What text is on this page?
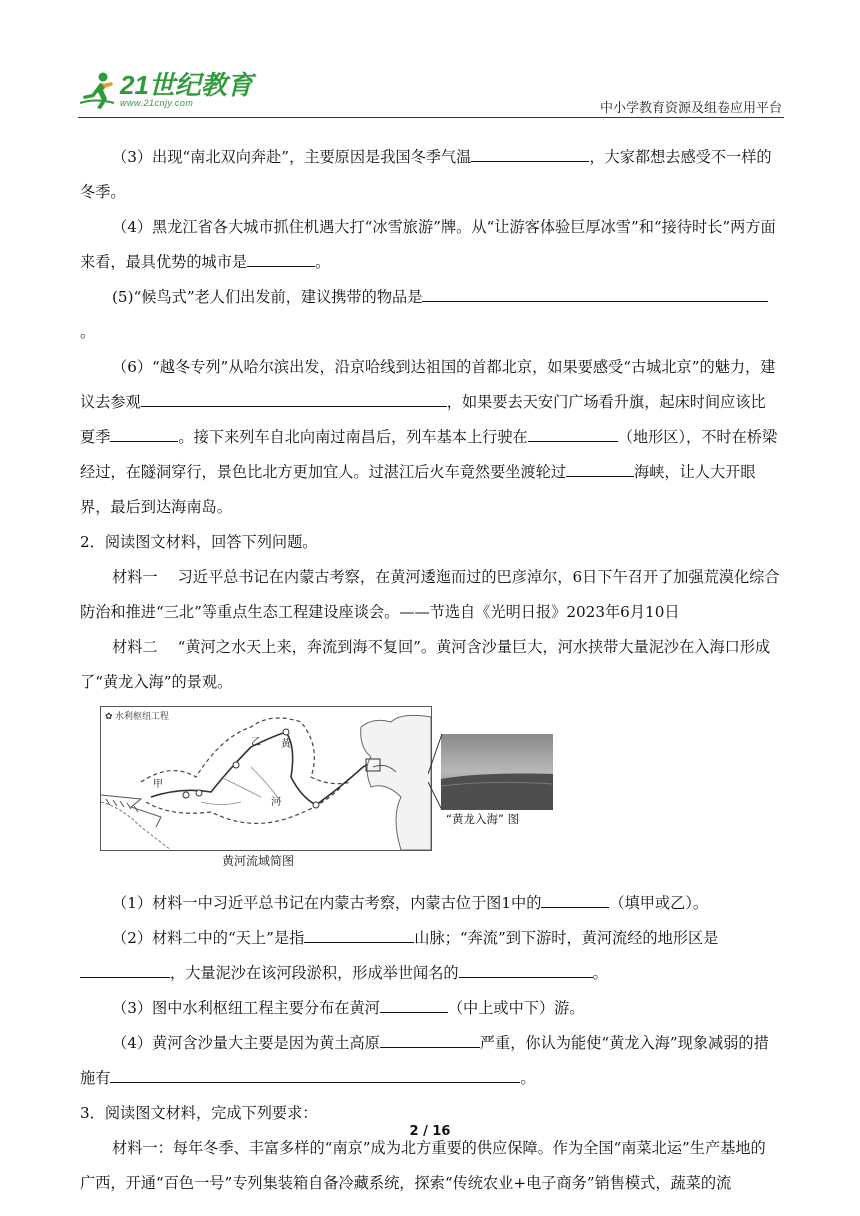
21世纪教育
www.21cnjy.com	中小学教育资源及组卷应用平台

（3）出现“南北双向奔赴”，主要原因是我国冬季气温	，大家都想去感受不一样的冬季。

（4）黑龙江省各大城市抓住机遇大打“冰雪旅游”牌。从“让游客体验巨厚冰雪”和“接待时长”两方面来看，最具优势的城市是	。

(5)“候鸟式”老人们出发前，建议携带的物品是。

（6）“越冬专列”从哈尔滨出发，沿京哈线到达祖国的首都北京，如果要感受“古城北京”的魅力，建议去参观	，如果要去天安门广场看升旗，起床时间应该比夏季	。接下来列车自北向南过南昌后，列车基本上行驶在	（地形区），不时在桥梁经过，在隧洞穿行，景色比北方更加宜人。过湛江后火车竟然要坐渡轮过	海峡，让人大开眼界，最后到达海南岛。

2．阅读图文材料，回答下列问题。

材料一　 习近平总书记在内蒙古考察，在黄河逶迤而过的巴彦淖尔，6日下午召开了加强荒漠化综合防治和推进“三北”等重点生态工程建设座谈会。——节选自《光明日报》2023年6月10日

材料二　 “黄河之水天上来，奔流到海不复回”。黄河含沙量巨大，河水挟带大量泥沙在入海口形成了“黄龙入海”的景观。

✿ 水利枢纽工程
乙 黄
甲
河
“黄龙入海” 图
黄河流域简图

（1）材料一中习近平总书记在内蒙古考察，内蒙古位于图1中的	（填甲或乙）。

（2）材料二中的“天上”是指	山脉；“奔流”到下游时，黄河流经的地形区是，大量泥沙在该河段淤积，形成举世闻名的	。

（3）图中水利枢纽工程主要分布在黄河	（中上或中下）游。

（4）黄河含沙量大主要是因为黄土高原	严重，你认为能使“黄龙入海”现象减弱的措施有	。

3．阅读图文材料，完成下列要求：

材料一：每年冬季、丰富多样的“南京”成为北方重要的供应保障。作为全国“南菜北运”生产基地的广西，开通“百色一号”专列集装箱自备冷藏系统，探索“传统农业+电子商务”销售模式，蔬菜的流

2 / 16
